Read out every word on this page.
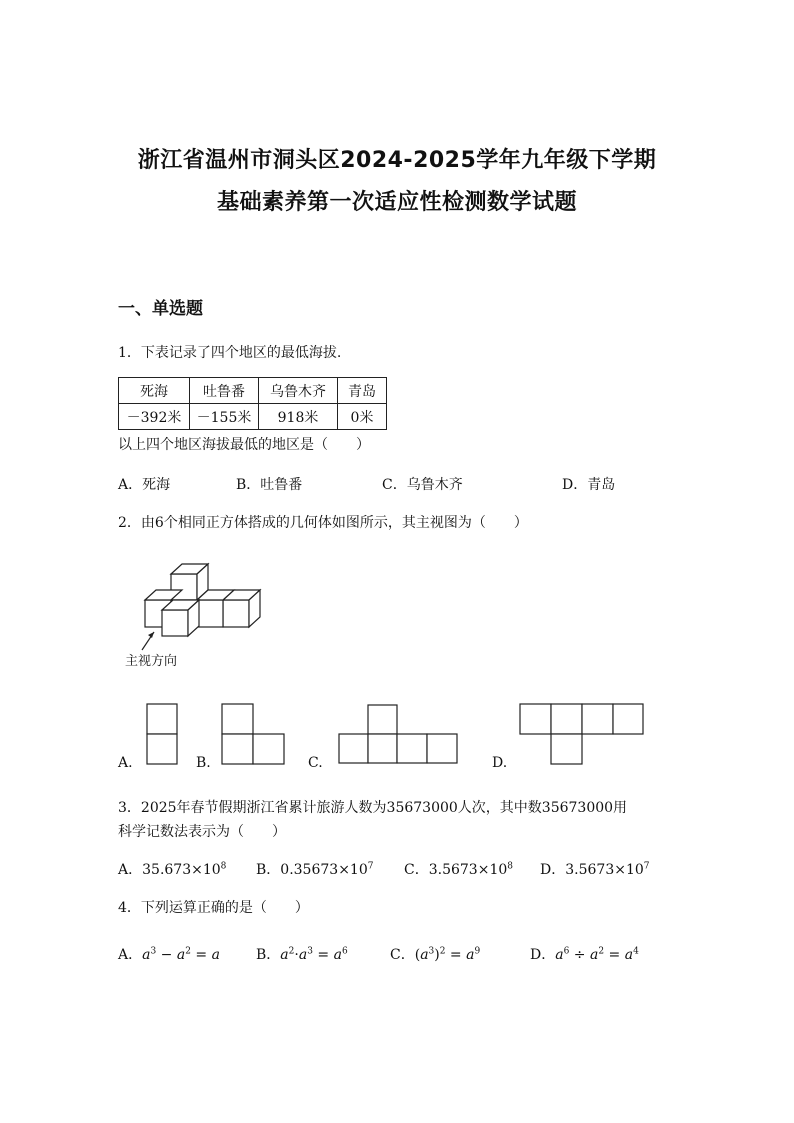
浙江省温州市洞头区2024-2025学年九年级下学期
基础素养第一次适应性检测数学试题
一、单选题
1．下表记录了四个地区的最低海拔.
死海	吐鲁番	乌鲁木齐	青岛
－392米	－155米	918米	0米
以上四个地区海拔最低的地区是（　　）
A．死海	B．吐鲁番	C．乌鲁木齐	D．青岛
2．由6个相同正方体搭成的几何体如图所示，其主视图为（　　）
主视方向
A.	B.	C.	D.
3．2025年春节假期浙江省累计旅游人数为35673000人次，其中数35673000用
科学记数法表示为（　　）
A．$35.673\times 10^8$ B．$0.35673\times 10^7$ C．$3.5673\times 10^8$ D．$3.5673\times 10^7$
4．下列运算正确的是（　　）
A．$a^3 - a^2 = a$	B．$a^2\cdot a^3 = a^6$	C．$(a^3)^2 = a^9$	D．$a^6 \div a^2 = a^4$
